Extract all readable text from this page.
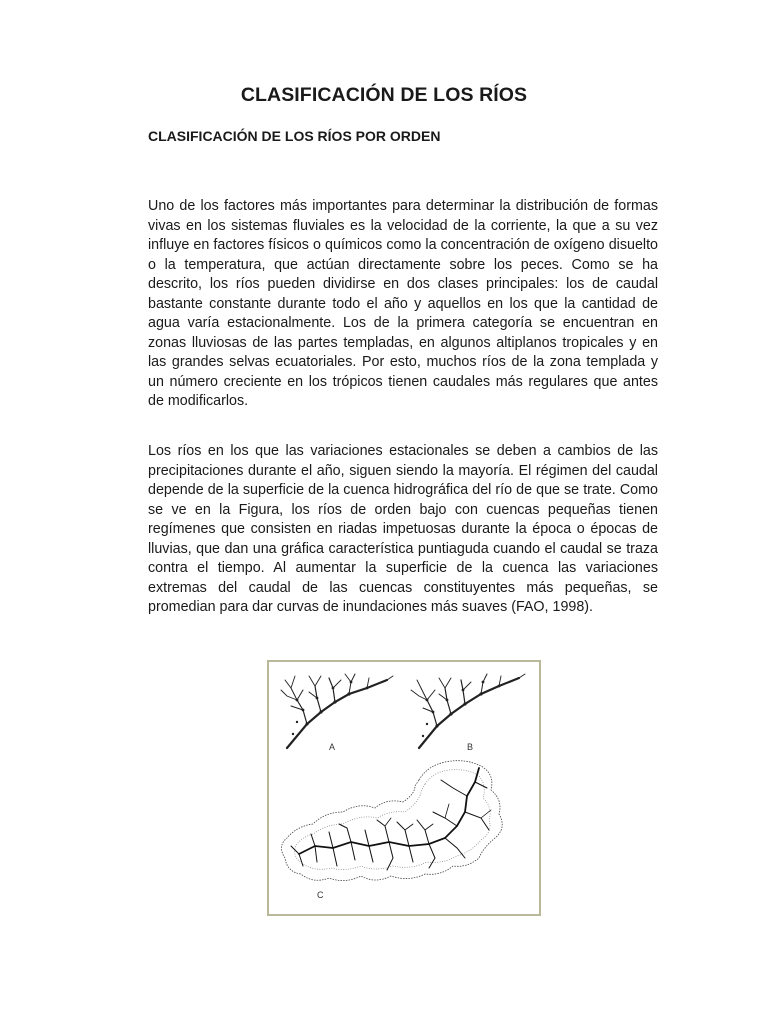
CLASIFICACIÓN DE LOS RÍOS
CLASIFICACIÓN DE LOS RÍOS POR ORDEN

Uno de los factores más importantes para determinar la distribución de formas vivas en los sistemas fluviales es la velocidad de la corriente, la que a su vez influye en factores físicos o químicos como la concentración de oxígeno disuelto o la temperatura, que actúan directamente sobre los peces. Como se ha descrito, los ríos pueden dividirse en dos clases principales: los de caudal bastante constante durante todo el año y aquellos en los que la cantidad de agua varía estacionalmente. Los de la primera categoría se encuentran en zonas lluviosas de las partes templadas, en algunos altiplanos tropicales y en las grandes selvas ecuatoriales. Por esto, muchos ríos de la zona templada y un número creciente en los trópicos tienen caudales más regulares que antes de modificarlos.

Los ríos en los que las variaciones estacionales se deben a cambios de las precipitaciones durante el año, siguen siendo la mayoría. El régimen del caudal depende de la superficie de la cuenca hidrográfica del río de que se trate. Como se ve en la Figura, los ríos de orden bajo con cuencas pequeñas tienen regímenes que consisten en riadas impetuosas durante la época o épocas de lluvias, que dan una gráfica característica puntiaguda cuando el caudal se traza contra el tiempo. Al aumentar la superficie de la cuenca las variaciones extremas del caudal de las cuencas constituyentes más pequeñas, se promedian para dar curvas de inundaciones más suaves (FAO, 1998).

A	B
C
